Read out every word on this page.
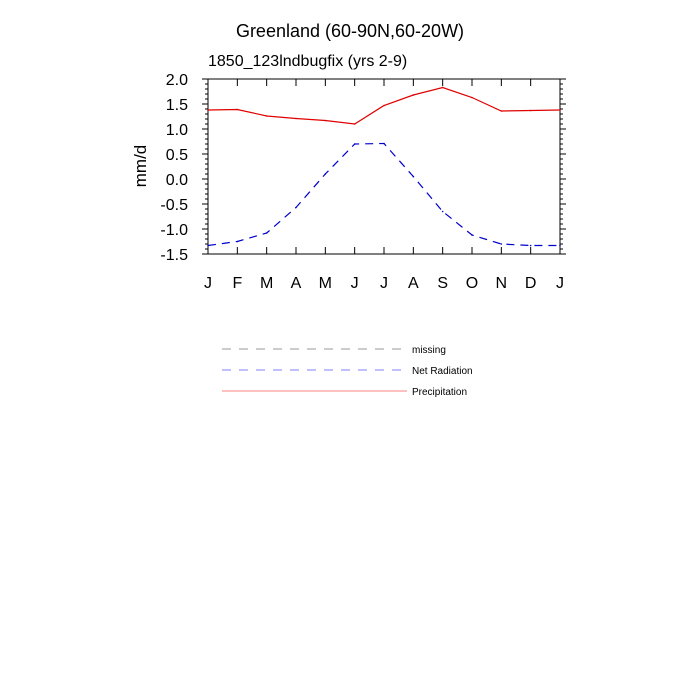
Greenland (60-90N,60-20W)
1850_123lndbugfix (yrs 2-9)
mm/d
J F M A M J J A S O N D J
2.0
1.5
1.0
0.5
0.0
-0.5
-1.0
-1.5
missing
Net Radiation
Precipitation
